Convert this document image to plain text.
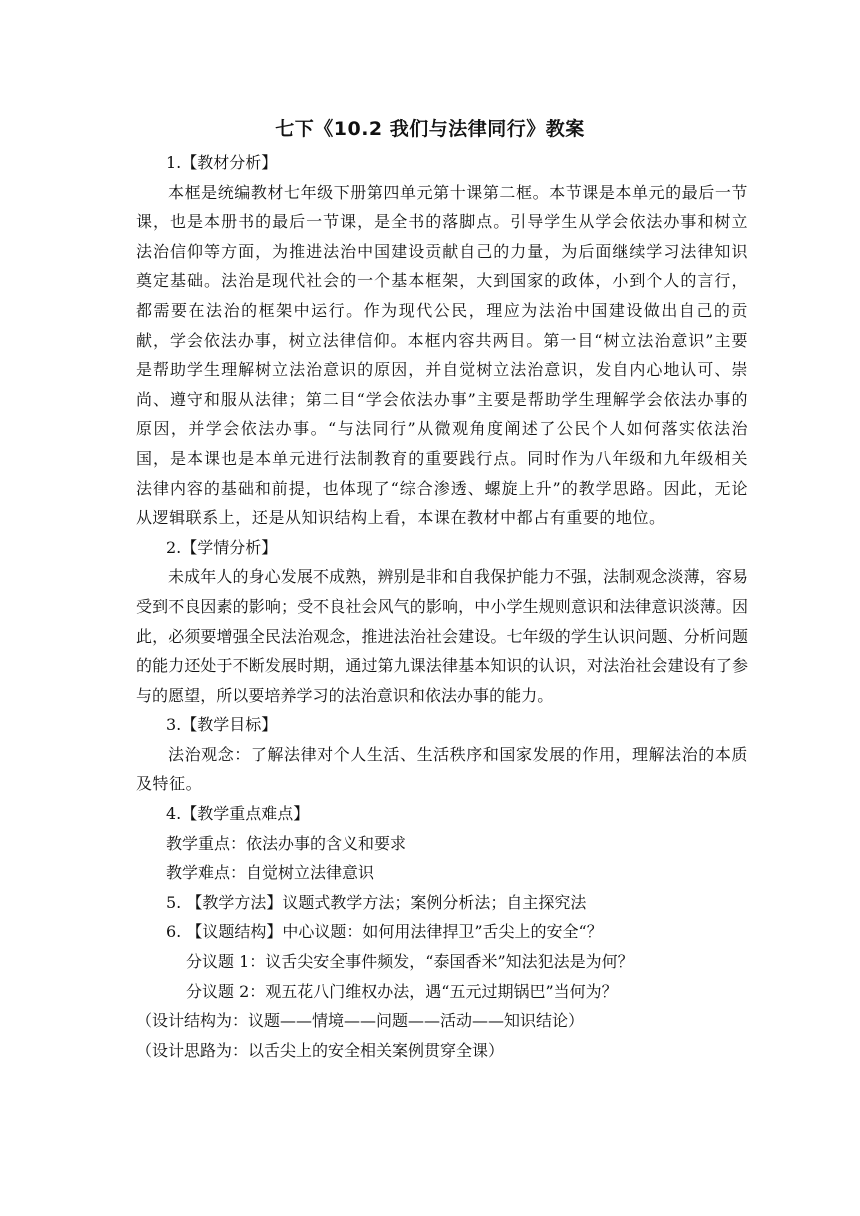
七下《10.2 我们与法律同行》教案
1.【教材分析】

本框是统编教材七年级下册第四单元第十课第二框。本节课是本单元的最后一节课，也是本册书的最后一节课，是全书的落脚点。引导学生从学会依法办事和树立法治信仰等方面，为推进法治中国建设贡献自己的力量，为后面继续学习法律知识奠定基础。法治是现代社会的一个基本框架，大到国家的政体，小到个人的言行，都需要在法治的框架中运行。作为现代公民，理应为法治中国建设做出自己的贡献，学会依法办事，树立法律信仰。本框内容共两目。第一目“树立法治意识”主要是帮助学生理解树立法治意识的原因，并自觉树立法治意识，发自内心地认可、崇尚、遵守和服从法律；第二目“学会依法办事”主要是帮助学生理解学会依法办事的原因，并学会依法办事。“与法同行”从微观角度阐述了公民个人如何落实依法治国，是本课也是本单元进行法制教育的重要践行点。同时作为八年级和九年级相关法律内容的基础和前提，也体现了“综合渗透、螺旋上升”的教学思路。因此，无论从逻辑联系上，还是从知识结构上看，本课在教材中都占有重要的地位。

2.【学情分析】

未成年人的身心发展不成熟，辨别是非和自我保护能力不强，法制观念淡薄，容易受到不良因素的影响；受不良社会风气的影响，中小学生规则意识和法律意识淡薄。因此，必须要增强全民法治观念，推进法治社会建设。七年级的学生认识问题、分析问题的能力还处于不断发展时期，通过第九课法律基本知识的认识，对法治社会建设有了参与的愿望，所以要培养学习的法治意识和依法办事的能力。

3.【教学目标】

法治观念：了解法律对个人生活、生活秩序和国家发展的作用，理解法治的本质及特征。

4.【教学重点难点】
教学重点：依法办事的含义和要求
教学难点：自觉树立法律意识
5. 【教学方法】议题式教学方法；案例分析法；自主探究法
6. 【议题结构】中心议题：如何用法律捍卫”舌尖上的安全“？
分议题 1：议舌尖安全事件频发，“泰国香米”知法犯法是为何？
分议题 2：观五花八门维权办法，遇“五元过期锅巴”当何为？
（设计结构为：议题——情境——问题——活动——知识结论）
（设计思路为：以舌尖上的安全相关案例贯穿全课）
